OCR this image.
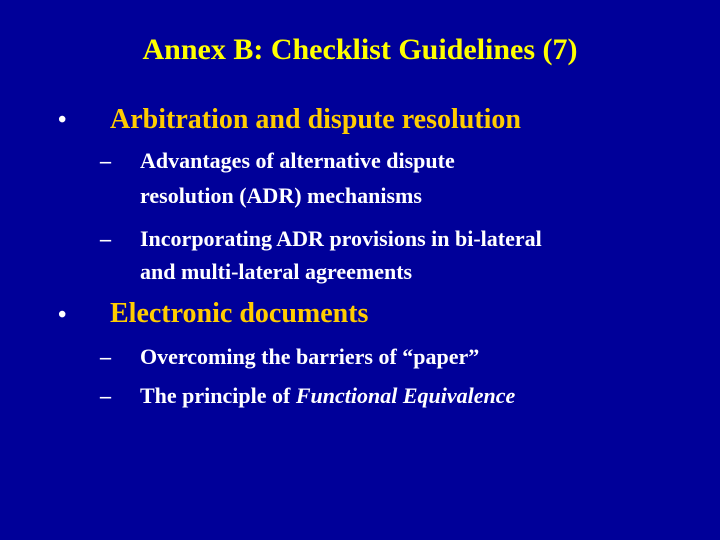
Annex B: Checklist Guidelines (7)
• Arbitration and dispute resolution
– Advantages of alternative dispute
resolution (ADR) mechanisms
– Incorporating ADR provisions in bi-lateral
and multi-lateral agreements
• Electronic documents
– Overcoming the barriers of “paper”
– The principle of Functional Equivalence
